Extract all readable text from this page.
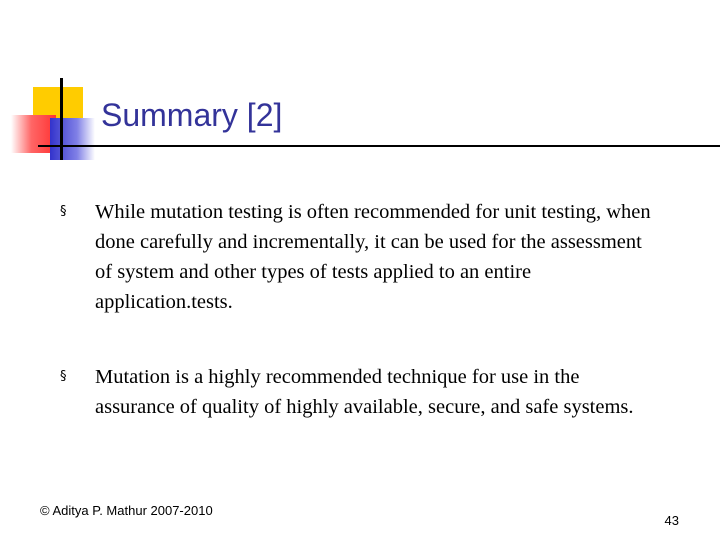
Summary [2]
§ While mutation testing is often recommended for unit testing, when done carefully and incrementally, it can be used for the assessment of system and other types of tests applied to an entire application.tests.
§ Mutation is a highly recommended technique for use in the assurance of quality of highly available, secure, and safe systems.
© Aditya P. Mathur 2007-2010
43
